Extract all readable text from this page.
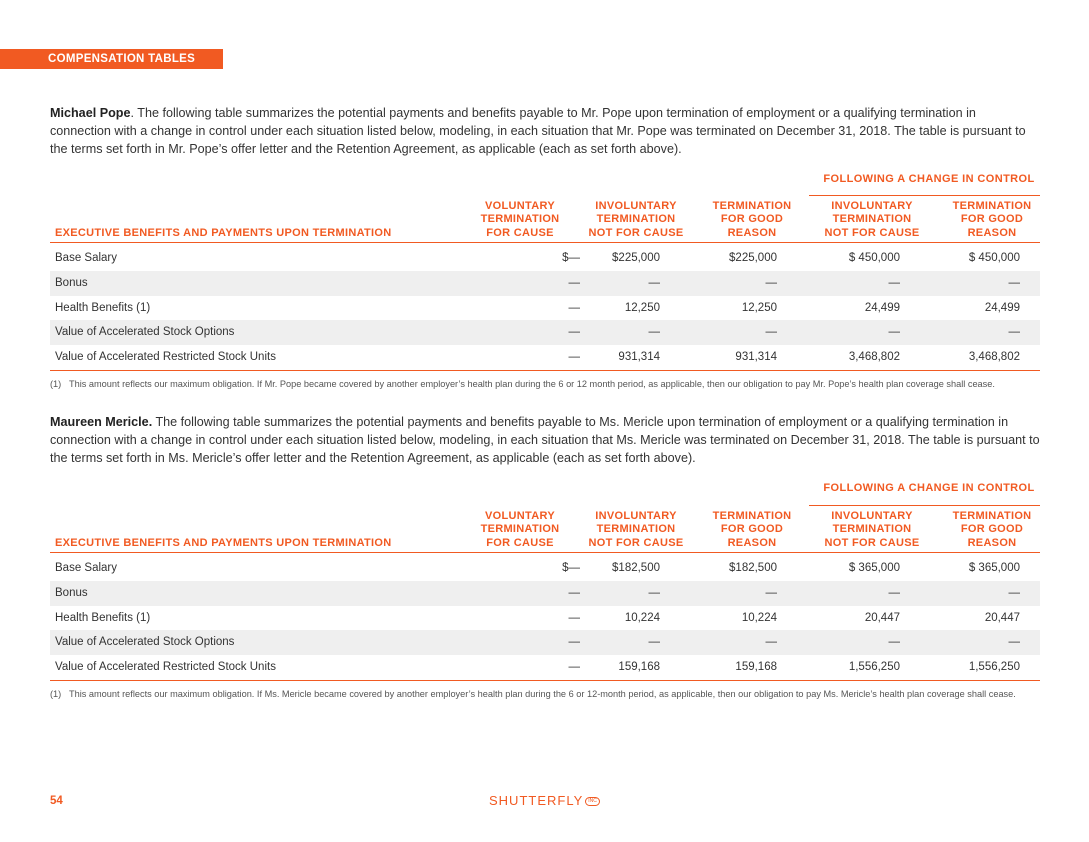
COMPENSATION TABLES
Michael Pope. The following table summarizes the potential payments and benefits payable to Mr. Pope upon termination of employment or a qualifying termination in connection with a change in control under each situation listed below, modeling, in each situation that Mr. Pope was terminated on December 31, 2018. The table is pursuant to the terms set forth in Mr. Pope’s offer letter and the Retention Agreement, as applicable (each as set forth above).
FOLLOWING A CHANGE IN CONTROL
EXECUTIVE BENEFITS AND PAYMENTS UPON TERMINATION
VOLUNTARY
TERMINATION
FOR CAUSE
INVOLUNTARY
TERMINATION
NOT FOR CAUSE
TERMINATION
FOR GOOD
REASON
INVOLUNTARY
TERMINATION
NOT FOR CAUSE
TERMINATION
FOR GOOD
REASON
Base Salary	$—	$225,000	$225,000	$ 450,000	$ 450,000
Bonus	—	—	—	—	—
Health Benefits (1)	—	12,250	12,250	24,499	24,499
Value of Accelerated Stock Options	—	—	—	—	—
Value of Accelerated Restricted Stock Units	—	931,314	931,314	3,468,802	3,468,802
(1) This amount reflects our maximum obligation. If Mr. Pope became covered by another employer’s health plan during the 6 or 12 month period, as applicable, then our obligation to pay Mr. Pope’s health plan coverage shall cease.
Maureen Mericle. The following table summarizes the potential payments and benefits payable to Ms. Mericle upon termination of employment or a qualifying termination in connection with a change in control under each situation listed below, modeling, in each situation that Ms. Mericle was terminated on December 31, 2018. The table is pursuant to the terms set forth in Ms. Mericle’s offer letter and the Retention Agreement, as applicable (each as set forth above).
FOLLOWING A CHANGE IN CONTROL
EXECUTIVE BENEFITS AND PAYMENTS UPON TERMINATION
VOLUNTARY
TERMINATION
FOR CAUSE
INVOLUNTARY
TERMINATION
NOT FOR CAUSE
TERMINATION
FOR GOOD
REASON
INVOLUNTARY
TERMINATION
NOT FOR CAUSE
TERMINATION
FOR GOOD
REASON
Base Salary	$—	$182,500	$182,500	$ 365,000	$ 365,000
Bonus	—	—	—	—	—
Health Benefits (1)	—	10,224	10,224	20,447	20,447
Value of Accelerated Stock Options	—	—	—	—	—
Value of Accelerated Restricted Stock Units	—	159,168	159,168	1,556,250	1,556,250
(1) This amount reflects our maximum obligation. If Ms. Mericle became covered by another employer’s health plan during the 6 or 12-month period, as applicable, then our obligation to pay Ms. Mericle’s health plan coverage shall cease.
54	SHUTTERFLY INC
